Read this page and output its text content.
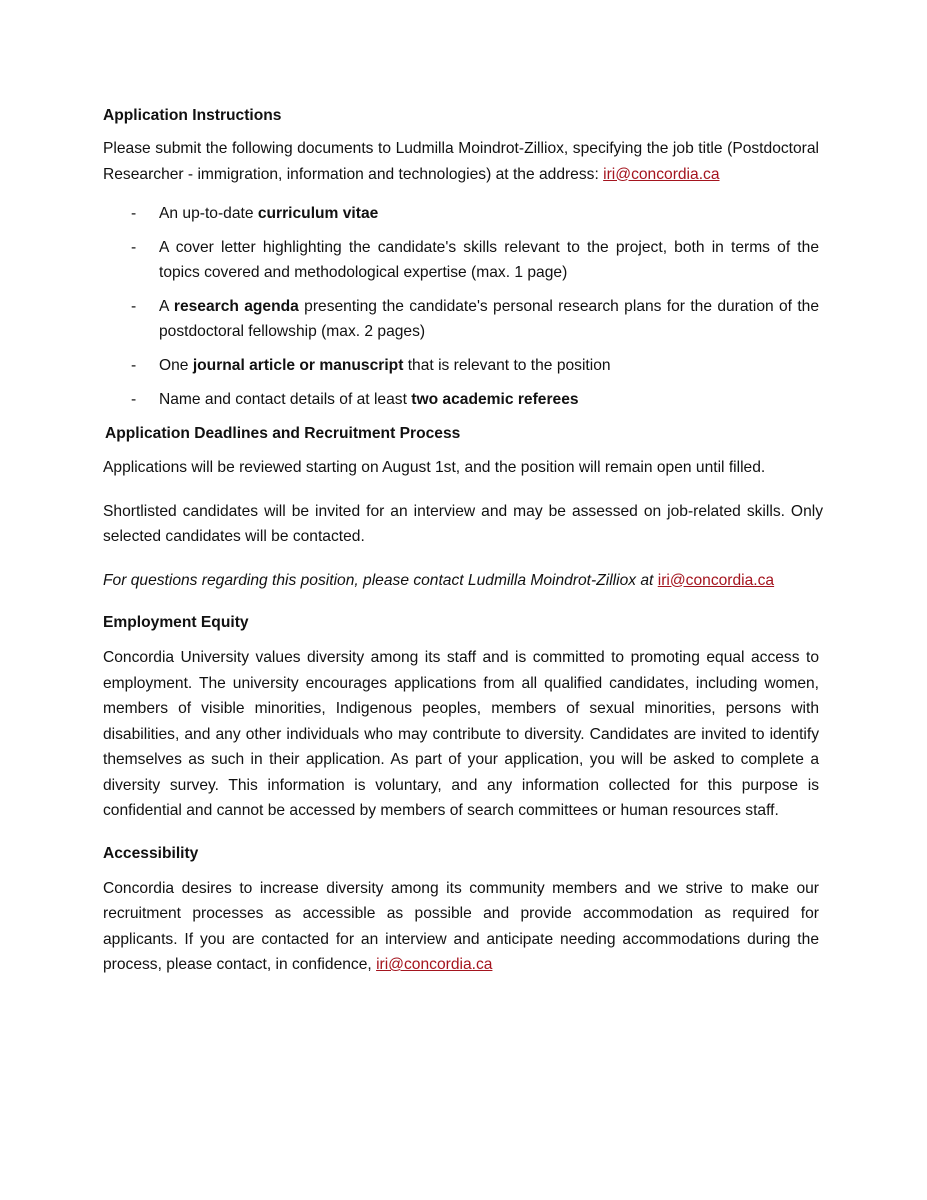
Application Instructions

Please submit the following documents to Ludmilla Moindrot-Zilliox, specifying the job title (Postdoctoral Researcher - immigration, information and technologies) at the address: iri@concordia.ca

- An up-to-date curriculum vitae
- A cover letter highlighting the candidate's skills relevant to the project, both in terms of the topics covered and methodological expertise (max. 1 page)
- A research agenda presenting the candidate's personal research plans for the duration of the postdoctoral fellowship (max. 2 pages)
- One journal article or manuscript that is relevant to the position
- Name and contact details of at least two academic referees
Application Deadlines and Recruitment Process

Applications will be reviewed starting on August 1st, and the position will remain open until filled.

Shortlisted candidates will be invited for an interview and may be assessed on job-related skills. Only selected candidates will be contacted.

For questions regarding this position, please contact Ludmilla Moindrot-Zilliox at iri@concordia.ca

Employment Equity

Concordia University values diversity among its staff and is committed to promoting equal access to employment. The university encourages applications from all qualified candidates, including women, members of visible minorities, Indigenous peoples, members of sexual minorities, persons with disabilities, and any other individuals who may contribute to diversity. Candidates are invited to identify themselves as such in their application. As part of your application, you will be asked to complete a diversity survey. This information is voluntary, and any information collected for this purpose is confidential and cannot be accessed by members of search committees or human resources staff.

Accessibility

Concordia desires to increase diversity among its community members and we strive to make our recruitment processes as accessible as possible and provide accommodation as required for applicants. If you are contacted for an interview and anticipate needing accommodations during the process, please contact, in confidence, iri@concordia.ca
